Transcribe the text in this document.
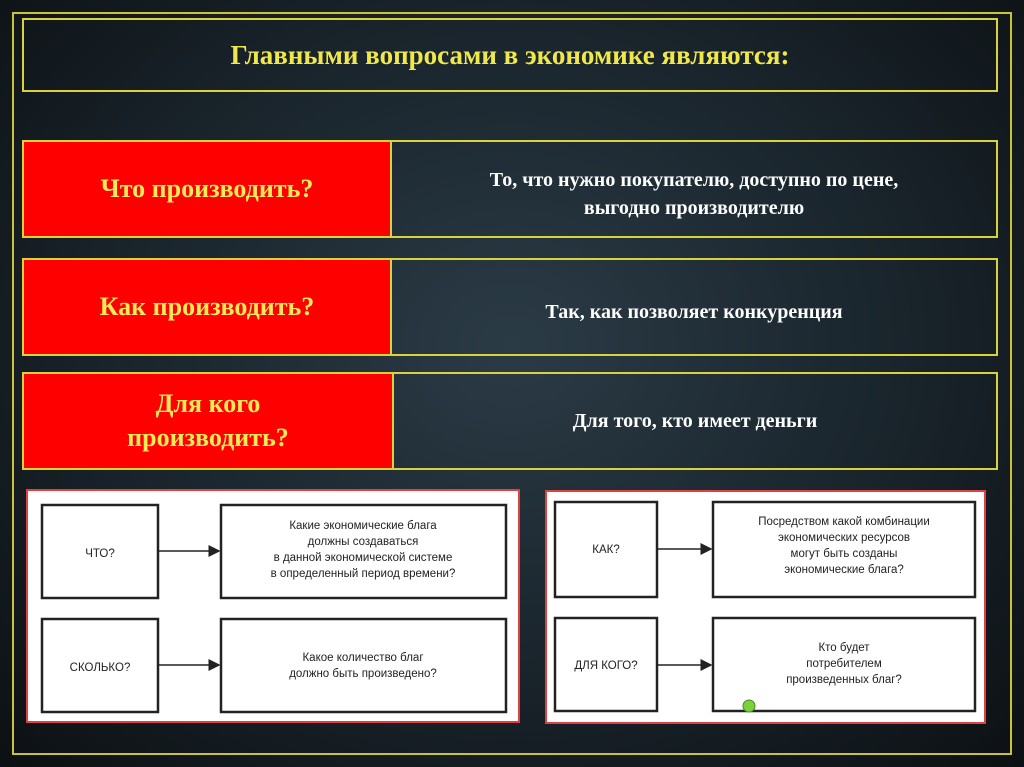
Главными вопросами в экономике являются:
Что производить?	То, что нужно покупателю, доступно по цене,
выгодно производителю
Как производить?	Так, как позволяет конкуренция
Для кого
производить?
Для того, кто имеет деньги
ЧТО?
Какие экономические блага
должны создаваться
в данной экономической системе
в определенный период времени?
СКОЛЬКО?
Какое количество благ
должно быть произведено?
КАК?
Посредством какой комбинации
экономических ресурсов
могут быть созданы
экономические блага?
ДЛЯ КОГО?
Кто будет
потребителем
произведенных благ?
